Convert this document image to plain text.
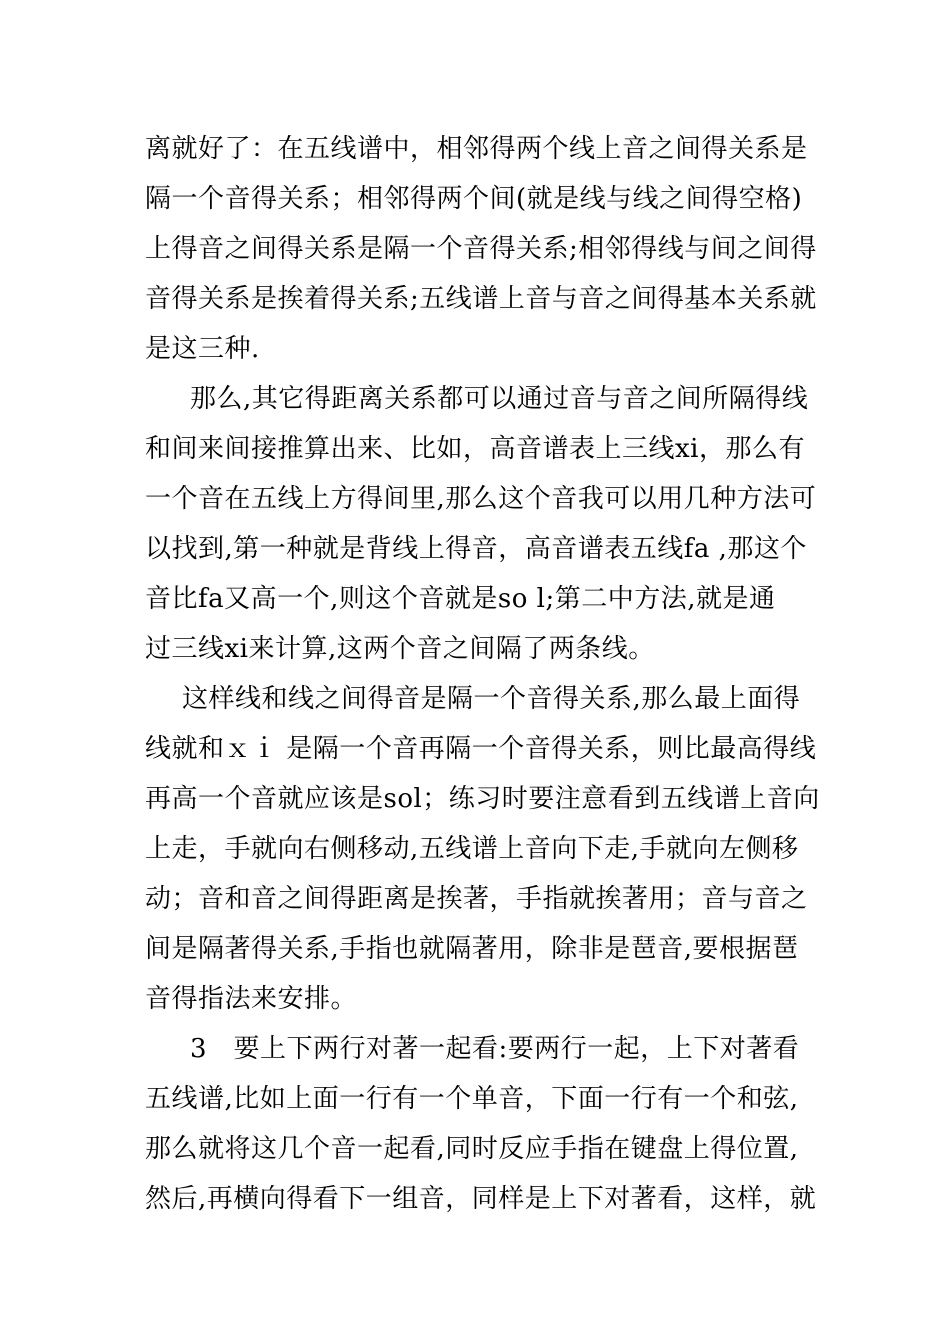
离就好了：在五线谱中，相邻得两个线上音之间得关系是
隔一个音得关系；相邻得两个间(就是线与线之间得空格)
上得音之间得关系是隔一个音得关系;相邻得线与间之间得
音得关系是挨着得关系;五线谱上音与音之间得基本关系就
是这三种.
那么,其它得距离关系都可以通过音与音之间所隔得线
和间来间接推算出来、比如，高音谱表上三线xi，那么有
一个音在五线上方得间里,那么这个音我可以用几种方法可
以找到,第一种就是背线上得音，高音谱表五线fa ,那这个
音比fa又高一个,则这个音就是so l;第二中方法,就是通
过三线xi来计算,这两个音之间隔了两条线。
这样线和线之间得音是隔一个音得关系,那么最上面得
线就和ｘｉ 是隔一个音再隔一个音得关系，则比最高得线
再高一个音就应该是sol；练习时要注意看到五线谱上音向
上走，手就向右侧移动,五线谱上音向下走,手就向左侧移
动；音和音之间得距离是挨著，手指就挨著用；音与音之
间是隔著得关系,手指也就隔著用，除非是琶音,要根据琶
音得指法来安排。
3　要上下两行对著一起看:要两行一起，上下对著看
五线谱,比如上面一行有一个单音，下面一行有一个和弦,
那么就将这几个音一起看,同时反应手指在键盘上得位置,
然后,再横向得看下一组音，同样是上下对著看，这样，就
